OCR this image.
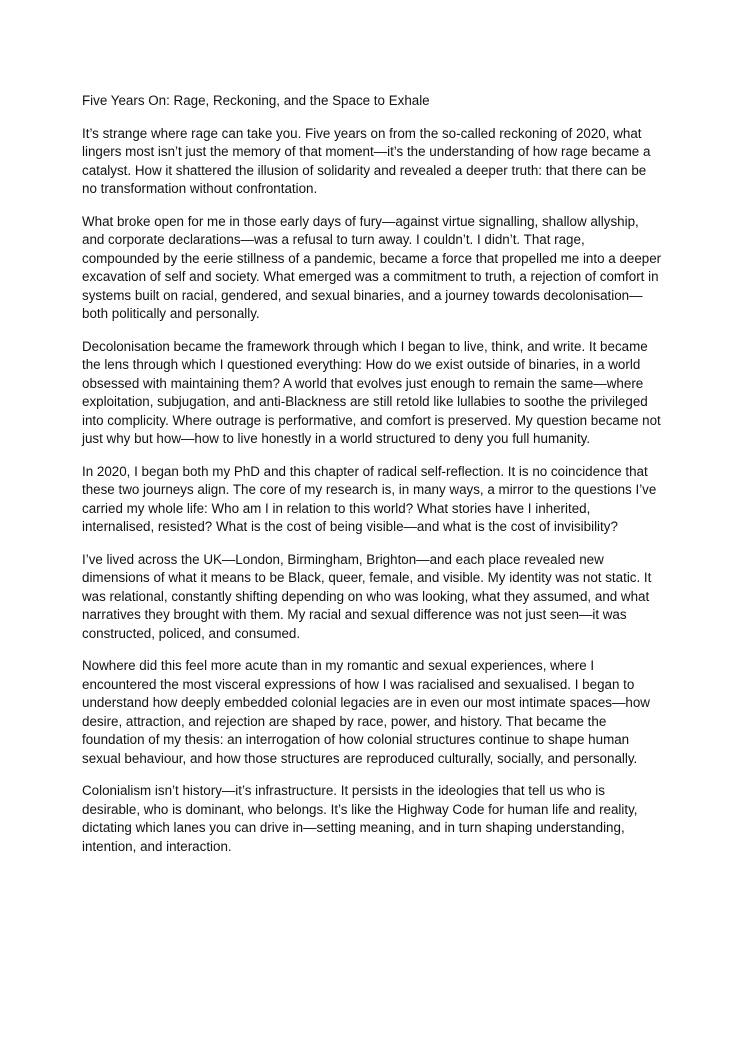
Five Years On: Rage, Reckoning, and the Space to Exhale

It’s strange where rage can take you. Five years on from the so-called reckoning of 2020, what lingers most isn’t just the memory of that moment—it’s the understanding of how rage became a catalyst. How it shattered the illusion of solidarity and revealed a deeper truth: that there can be no transformation without confrontation.

What broke open for me in those early days of fury—against virtue signalling, shallow allyship, and corporate declarations—was a refusal to turn away. I couldn’t. I didn’t. That rage, compounded by the eerie stillness of a pandemic, became a force that propelled me into a deeper excavation of self and society. What emerged was a commitment to truth, a rejection of comfort in systems built on racial, gendered, and sexual binaries, and a journey towards decolonisation—both politically and personally.

Decolonisation became the framework through which I began to live, think, and write. It became the lens through which I questioned everything: How do we exist outside of binaries, in a world obsessed with maintaining them? A world that evolves just enough to remain the same—where exploitation, subjugation, and anti-Blackness are still retold like lullabies to soothe the privileged into complicity. Where outrage is performative, and comfort is preserved. My question became not just why but how—how to live honestly in a world structured to deny you full humanity.

In 2020, I began both my PhD and this chapter of radical self-reflection. It is no coincidence that these two journeys align. The core of my research is, in many ways, a mirror to the questions I’ve carried my whole life: Who am I in relation to this world? What stories have I inherited, internalised, resisted? What is the cost of being visible—and what is the cost of invisibility?

I’ve lived across the UK—London, Birmingham, Brighton—and each place revealed new dimensions of what it means to be Black, queer, female, and visible. My identity was not static. It was relational, constantly shifting depending on who was looking, what they assumed, and what narratives they brought with them. My racial and sexual difference was not just seen—it was constructed, policed, and consumed.

Nowhere did this feel more acute than in my romantic and sexual experiences, where I encountered the most visceral expressions of how I was racialised and sexualised. I began to understand how deeply embedded colonial legacies are in even our most intimate spaces—how desire, attraction, and rejection are shaped by race, power, and history. That became the foundation of my thesis: an interrogation of how colonial structures continue to shape human sexual behaviour, and how those structures are reproduced culturally, socially, and personally.

Colonialism isn’t history—it’s infrastructure. It persists in the ideologies that tell us who is desirable, who is dominant, who belongs. It’s like the Highway Code for human life and reality, dictating which lanes you can drive in—setting meaning, and in turn shaping understanding, intention, and interaction.
